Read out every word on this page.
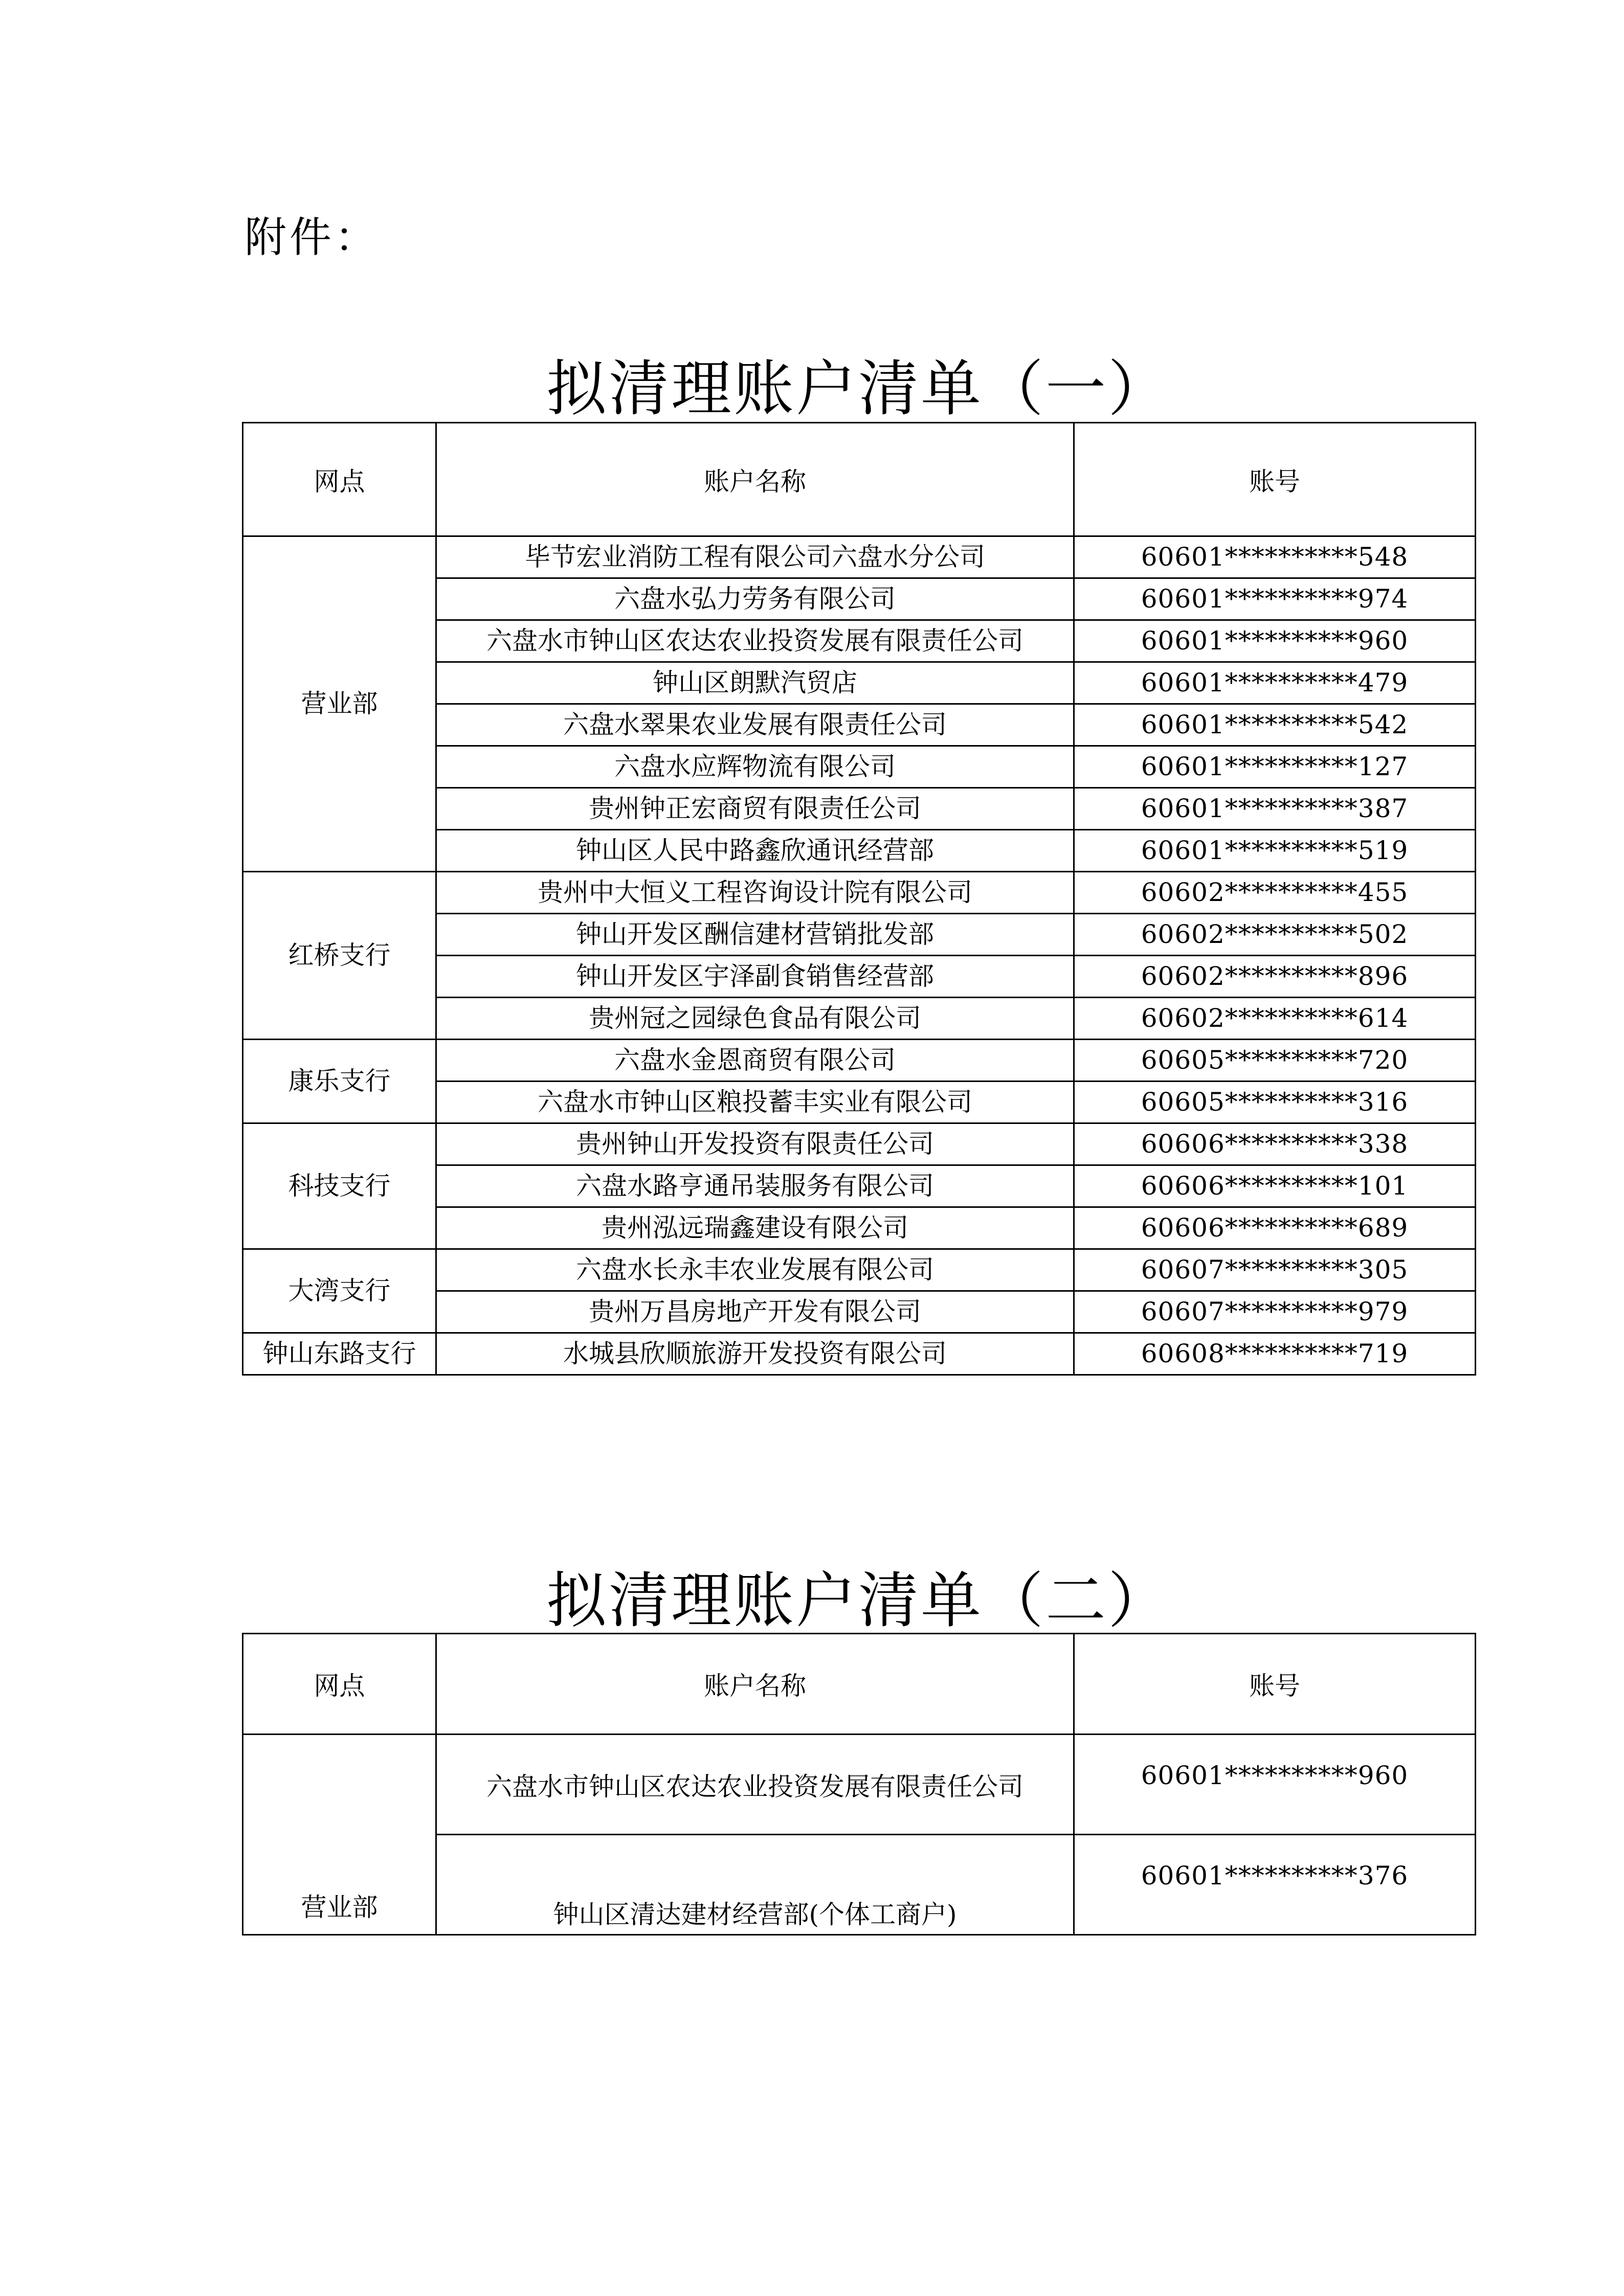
附件：
拟清理账户清单（一）
网点	账户名称	账号
营业部	毕节宏业消防工程有限公司六盘水分公司	60601**********548
	六盘水弘力劳务有限公司	60601**********974
	六盘水市钟山区农达农业投资发展有限责任公司	60601**********960
	钟山区朗默汽贸店	60601**********479
	六盘水翠果农业发展有限责任公司	60601**********542
	六盘水应辉物流有限公司	60601**********127
	贵州钟正宏商贸有限责任公司	60601**********387
	钟山区人民中路鑫欣通讯经营部	60601**********519
红桥支行	贵州中大恒义工程咨询设计院有限公司	60602**********455
	钟山开发区酬信建材营销批发部	60602**********502
	钟山开发区宇泽副食销售经营部	60602**********896
	贵州冠之园绿色食品有限公司	60602**********614
康乐支行	六盘水金恩商贸有限公司	60605**********720
	六盘水市钟山区粮投蓄丰实业有限公司	60605**********316
科技支行	贵州钟山开发投资有限责任公司	60606**********338
	六盘水路亨通吊装服务有限公司	60606**********101
	贵州泓远瑞鑫建设有限公司	60606**********689
大湾支行	六盘水长永丰农业发展有限公司	60607**********305
	贵州万昌房地产开发有限公司	60607**********979
钟山东路支行	水城县欣顺旅游开发投资有限公司	60608**********719
拟清理账户清单（二）
网点	账户名称	账号
营业部	六盘水市钟山区农达农业投资发展有限责任公司	60601**********960
	钟山区清达建材经营部(个体工商户)	60601**********376
